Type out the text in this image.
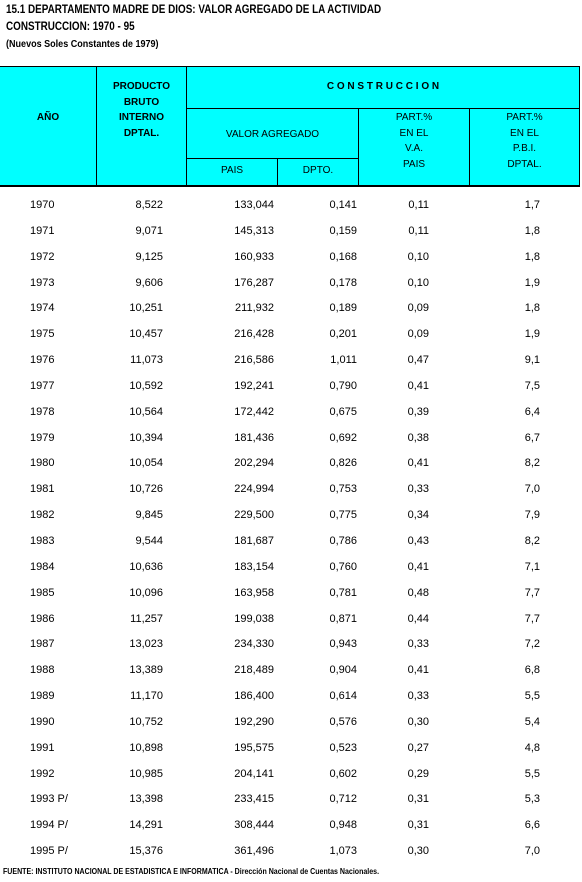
15.1 DEPARTAMENTO MADRE DE DIOS: VALOR AGREGADO DE LA ACTIVIDAD
CONSTRUCCION: 1970 - 95
(Nuevos Soles Constantes de 1979)
AÑO
PRODUCTO
BRUTO
INTERNO
DPTAL.
C O N S T R U C C I O N
VALOR AGREGADO
PAIS	DPTO.
PART.%
EN EL
V.A.
PAIS
PART.%
EN EL
P.B.I.
DPTAL.
1970	8,522	133,044	0,141	0,11	1,7
1971	9,071	145,313	0,159	0,11	1,8
1972	9,125	160,933	0,168	0,10	1,8
1973	9,606	176,287	0,178	0,10	1,9
1974	10,251	211,932	0,189	0,09	1,8
1975	10,457	216,428	0,201	0,09	1,9
1976	11,073	216,586	1,011	0,47	9,1
1977	10,592	192,241	0,790	0,41	7,5
1978	10,564	172,442	0,675	0,39	6,4
1979	10,394	181,436	0,692	0,38	6,7
1980	10,054	202,294	0,826	0,41	8,2
1981	10,726	224,994	0,753	0,33	7,0
1982	9,845	229,500	0,775	0,34	7,9
1983	9,544	181,687	0,786	0,43	8,2
1984	10,636	183,154	0,760	0,41	7,1
1985	10,096	163,958	0,781	0,48	7,7
1986	11,257	199,038	0,871	0,44	7,7
1987	13,023	234,330	0,943	0,33	7,2
1988	13,389	218,489	0,904	0,41	6,8
1989	11,170	186,400	0,614	0,33	5,5
1990	10,752	192,290	0,576	0,30	5,4
1991	10,898	195,575	0,523	0,27	4,8
1992	10,985	204,141	0,602	0,29	5,5
1993 P/	13,398	233,415	0,712	0,31	5,3
1994 P/	14,291	308,444	0,948	0,31	6,6
1995 P/	15,376	361,496	1,073	0,30	7,0
FUENTE: INSTITUTO NACIONAL DE ESTADISTICA E INFORMATICA - Dirección Nacional de Cuentas Nacionales.
